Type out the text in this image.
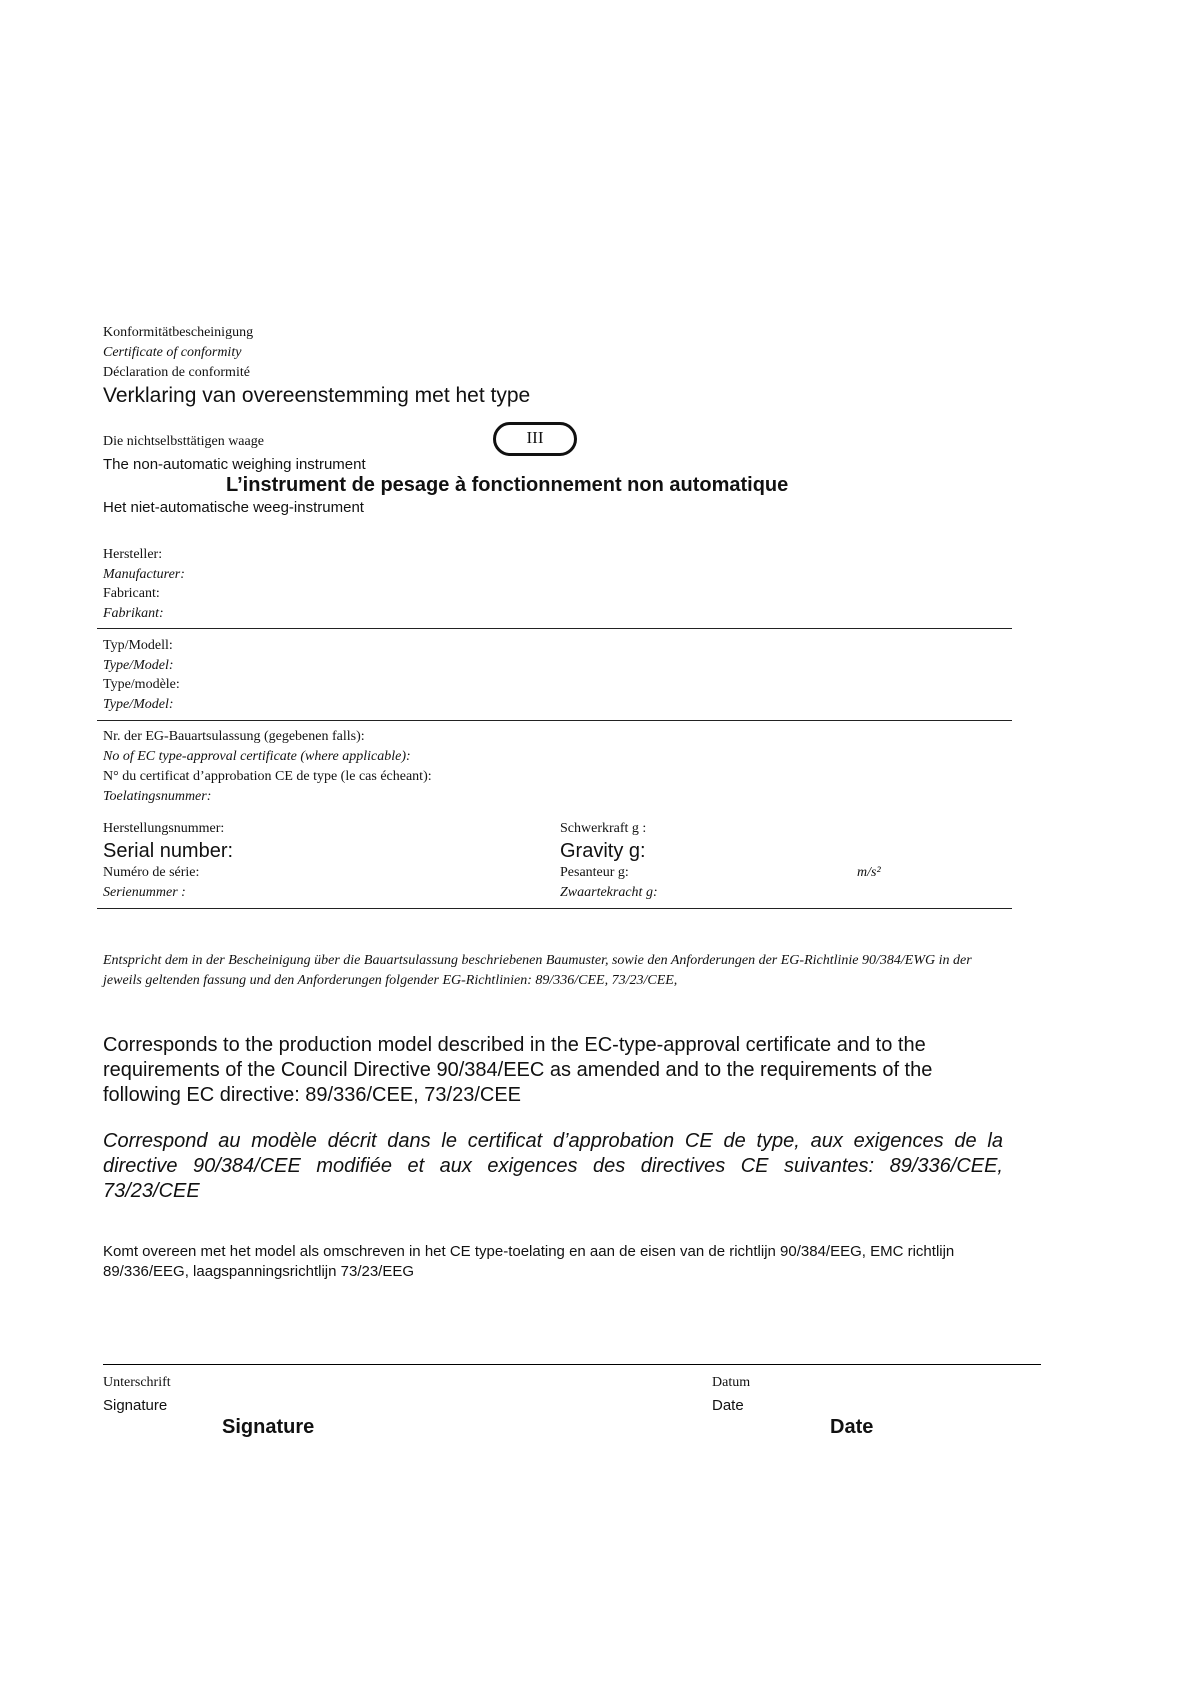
Konformitätbescheinigung
Certificate of conformity
Déclaration de conformité
Verklaring van overeenstemming met het type
Die nichtselbsttätigen waage	III
The non-automatic weighing instrument
L’instrument de pesage à fonctionnement non automatique
Het niet-automatische weeg-instrument
Hersteller:
Manufacturer:
Fabricant:
Fabrikant:
Typ/Modell:
Type/Model:
Type/modèle:
Type/Model:
Nr. der EG-Bauartsulassung (gegebenen falls):
No of EC type-approval certificate (where applicable):
N° du certificat d’approbation CE de type (le cas écheant):
Toelatingsnummer:
Herstellungsnummer:
Serial number:
Numéro de série:
Serienummer :
Schwerkraft g :
Gravity g:
Pesanteur g:
Zwaartekracht g:
m/s²
Entspricht dem in der Bescheinigung über die Bauartsulassung beschriebenen Baumuster, sowie den Anforderungen der EG-Richtlinie 90/384/EWG in der jeweils geltenden fassung und den Anforderungen folgender EG-Richtlinien: 89/336/CEE, 73/23/CEE,
Corresponds to the production model described in the EC-type-approval certificate and to the requirements of the Council Directive 90/384/EEC as amended and to the requirements of the following EC directive: 89/336/CEE, 73/23/CEE
Correspond au modèle décrit dans le certificat d’approbation CE de type, aux exigences de la directive 90/384/CEE modifiée et aux exigences des directives CE suivantes: 89/336/CEE, 73/23/CEE
Komt overeen met het model als omschreven in het CE type-toelating en aan de eisen van de richtlijn 90/384/EEG, EMC richtlijn 89/336/EEG, laagspanningsrichtlijn 73/23/EEG
Unterschrift
Signature
Signature
Datum
Date
Date
